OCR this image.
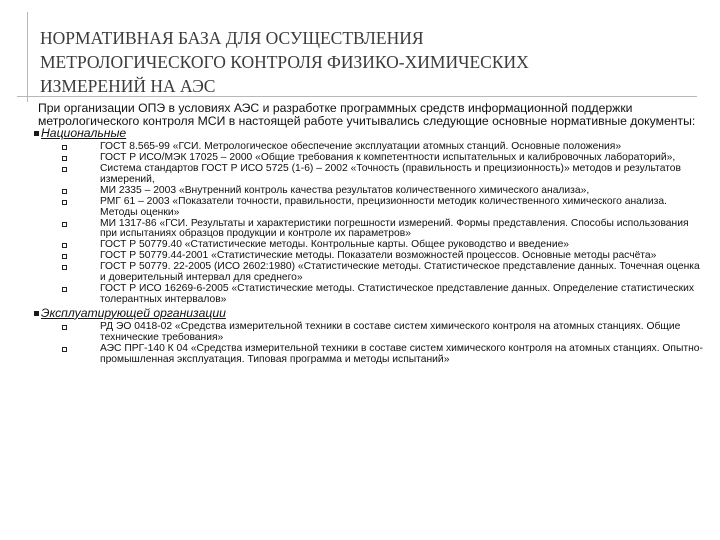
НОРМАТИВНАЯ БАЗА ДЛЯ ОСУЩЕСТВЛЕНИЯ
МЕТРОЛОГИЧЕСКОГО КОНТРОЛЯ ФИЗИКО-ХИМИЧЕСКИХ
ИЗМЕРЕНИЙ НА АЭС

При организации ОПЭ в условиях АЭС и разработке программных средств информационной поддержки метрологического контроля МСИ в настоящей работе учитывались следующие основные нормативные документы:

Национальные
ГОСТ 8.565-99 «ГСИ. Метрологическое обеспечение эксплуатации атомных станций. Основные положения»
ГОСТ Р ИСО/МЭК 17025 – 2000 «Общие требования к компетентности испытательных и калибровочных лабораторий»,
Система стандартов ГОСТ Р ИСО 5725 (1-6) – 2002 «Точность (правильность и прецизионность)» методов и результатов измерений,
МИ 2335 – 2003 «Внутренний контроль качества результатов количественного химического анализа»,
РМГ 61 – 2003 «Показатели точности, правильности, прецизионности методик количественного химического анализа. Методы оценки»
МИ 1317-86 «ГСИ. Результаты и характеристики погрешности измерений. Формы представления. Способы использования при испытаниях образцов продукции и контроле их параметров»
ГОСТ Р 50779.40 «Статистические методы. Контрольные карты. Общее руководство и введение»
ГОСТ Р 50779.44-2001 «Статистические методы. Показатели возможностей процессов. Основные методы расчёта»
ГОСТ Р 50779. 22-2005 (ИСО 2602:1980) «Статистические методы. Статистическое представление данных. Точечная оценка и доверительный интервал для среднего»
ГОСТ Р ИСО 16269-6-2005 «Статистические методы. Статистическое представление данных. Определение статистических толерантных интервалов»
Эксплуатирующей организации
РД ЭО 0418-02 «Средства измерительной техники в составе систем химического контроля на атомных станциях. Общие технические требования»
АЭС ПРГ-140 К 04 «Средства измерительной техники в составе систем химического контроля на атомных станциях. Опытно-промышленная эксплуатация. Типовая программа и методы испытаний»
